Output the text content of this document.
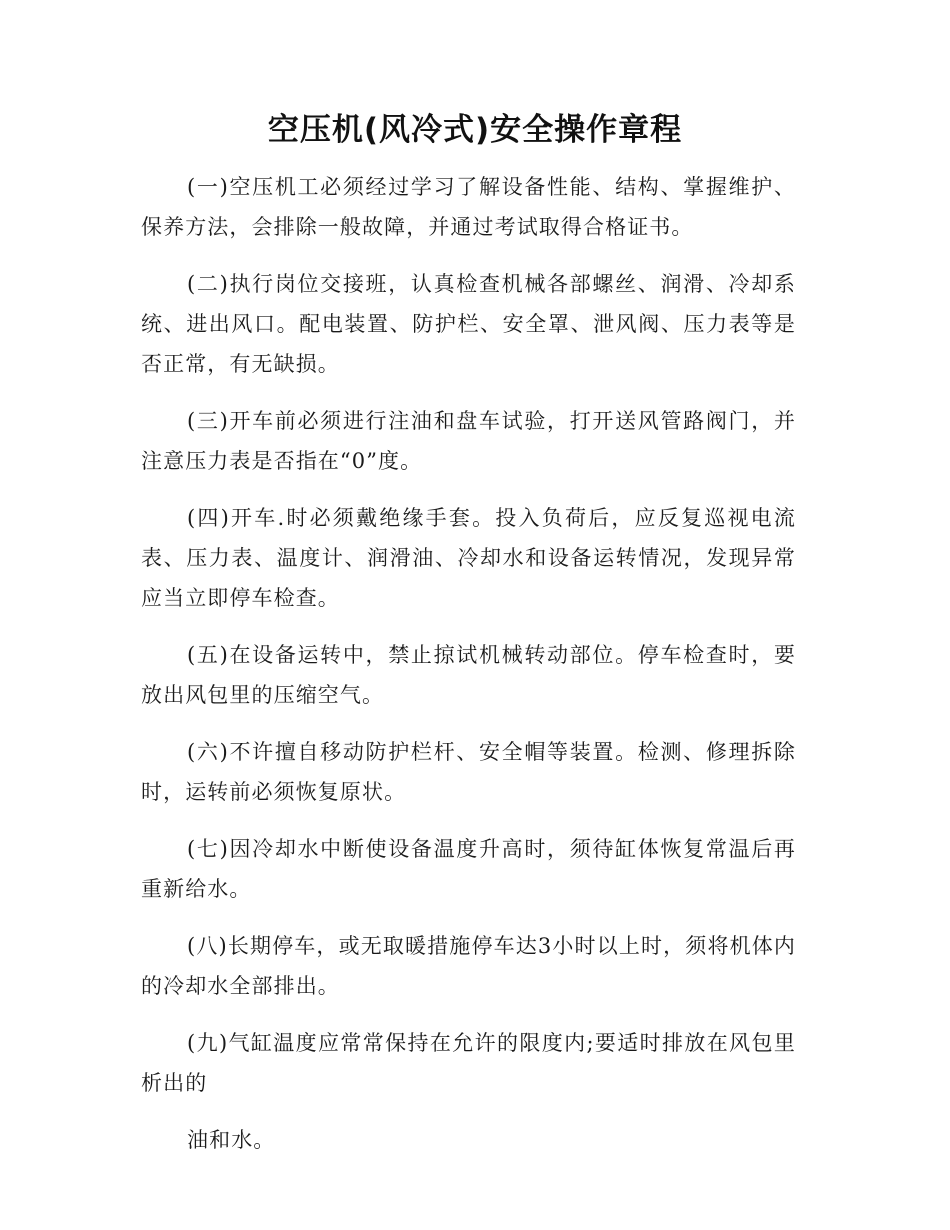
空压机(风冷式)安全操作章程

(一)空压机工必须经过学习了解设备性能、结构、掌握维护、保养方法，会排除一般故障，并通过考试取得合格证书。

(二)执行岗位交接班，认真检查机械各部螺丝、润滑、冷却系统、进出风口。配电装置、防护栏、安全罩、泄风阀、压力表等是否正常，有无缺损。

(三)开车前必须进行注油和盘车试验，打开送风管路阀门，并注意压力表是否指在“0”度。

(四)开车.时必须戴绝缘手套。投入负荷后，应反复巡视电流表、压力表、温度计、润滑油、冷却水和设备运转情况，发现异常应当立即停车检查。

(五)在设备运转中，禁止掠试机械转动部位。停车检查时，要放出风包里的压缩空气。

(六)不许擅自移动防护栏杆、安全帽等装置。检测、修理拆除时，运转前必须恢复原状。

(七)因冷却水中断使设备温度升高时，须待缸体恢复常温后再重新给水。

(八)长期停车，或无取暖措施停车达3小时以上时，须将机体内的冷却水全部排出。

(九)气缸温度应常常保持在允许的限度内;要适时排放在风包里析出的

油和水。
